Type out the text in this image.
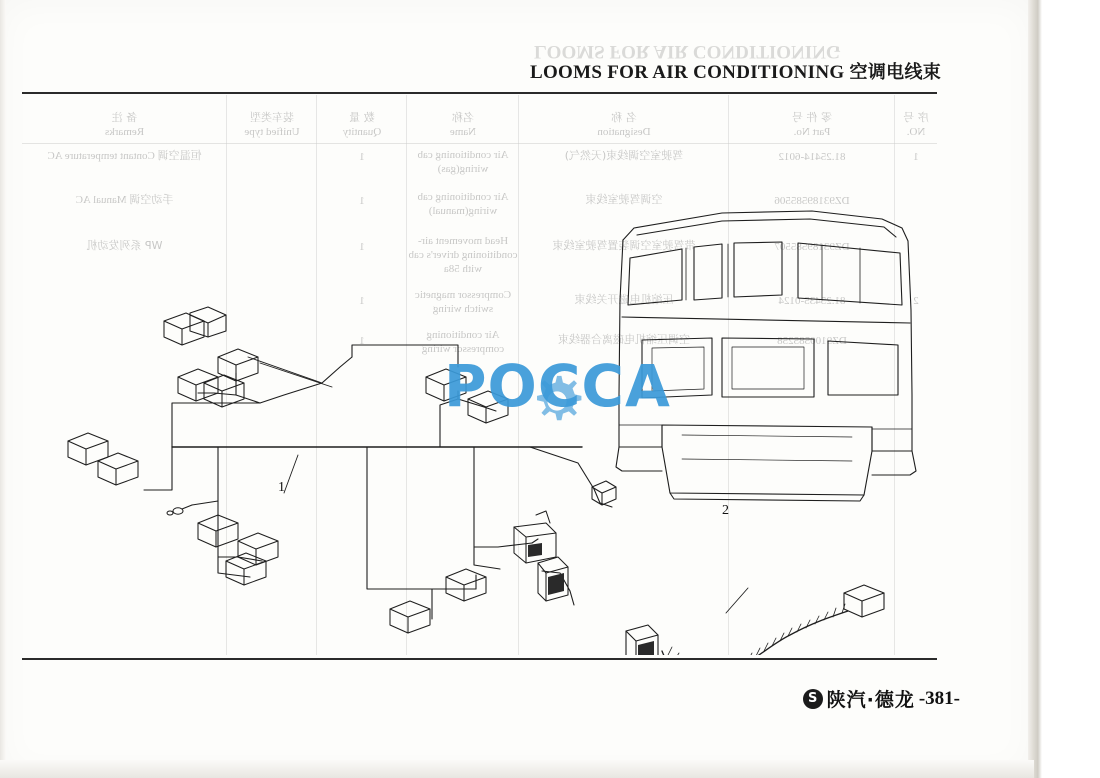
LOOMS FOR AIR CONDITIONING
LOOMS FOR AIR CONDITIONING 空调电线束
序 号
NO.
零 件 号
Part No.
名 称
Designation
名称
Name
数 量
Quantity
装车类型
Unified type
备 注
Remarks
1
81.25414-6012
驾驶室空调线束(天然气)
Air conditioning cab wiring(gas)
1
恒温空调 Contant temperature AC
DZ93189585506
空调驾驶室线束
Air conditioning cab wiring(manual)
1
手动空调 Manual AC
DZ93189585507
带驾驶室空调装置驾驶室线束
Head movement air-conditioning driver's cab with 58a
1
WP 系列发动机
2
81.25435-0124
压缩机电磁开关线束
Compressor magnetic switch wiring
1
DZ9100585258
空调压缩机电磁离合器线束
Air conditioning compressor wiring
1
1
2
POCCA
S 陕汽·德龙 -381-
